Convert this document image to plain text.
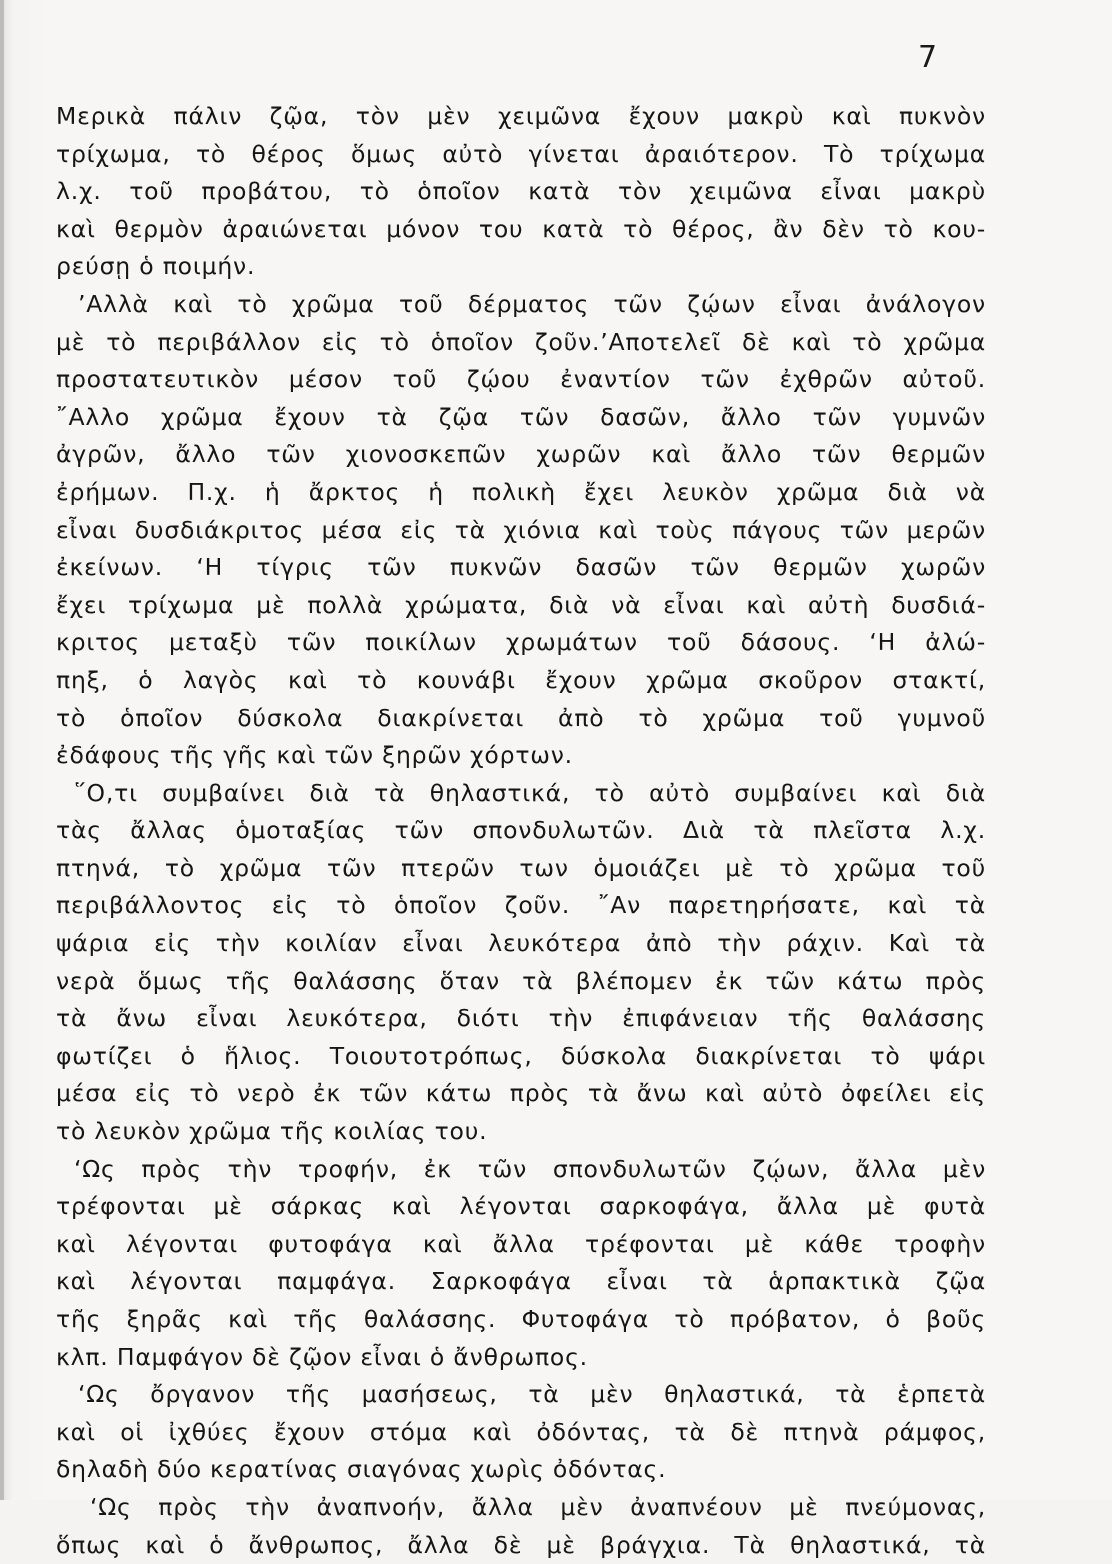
7
Μερικὰ πάλιν ζῷα, τὸν μὲν χειμῶνα ἔχουν μακρὺ καὶ πυκνὸν
τρίχωμα, τὸ θέρος ὅμως αὐτὸ γίνεται ἀραιότερον. Τὸ τρίχωμα
λ.χ. τοῦ προβάτου, τὸ ὁποῖον κατὰ τὸν χειμῶνα εἶναι μακρὺ
καὶ θερμὸν ἀραιώνεται μόνον του κατὰ τὸ θέρος, ἂν δὲν τὸ κου-
ρεύσῃ ὁ ποιμήν.
’Αλλὰ καὶ τὸ χρῶμα τοῦ δέρματος τῶν ζῴων εἶναι ἀνάλογον
μὲ τὸ περιβάλλον εἰς τὸ ὁποῖον ζοῦν.’Αποτελεῖ δὲ καὶ τὸ χρῶμα
προστατευτικὸν μέσον τοῦ ζῴου ἐναντίον τῶν ἐχθρῶν αὐτοῦ.
῎Αλλο χρῶμα ἔχουν τὰ ζῷα τῶν δασῶν, ἄλλο τῶν γυμνῶν
ἀγρῶν, ἄλλο τῶν χιονοσκεπῶν χωρῶν καὶ ἄλλο τῶν θερμῶν
ἐρήμων. Π.χ. ἡ ἄρκτος ἡ πολικὴ ἔχει λευκὸν χρῶμα διὰ νὰ
εἶναι δυσδιάκριτος μέσα εἰς τὰ χιόνια καὶ τοὺς πάγους τῶν μερῶν
ἐκείνων. ‘Η τίγρις τῶν πυκνῶν δασῶν τῶν θερμῶν χωρῶν
ἔχει τρίχωμα μὲ πολλὰ χρώματα, διὰ νὰ εἶναι καὶ αὐτὴ δυσδιά-
κριτος μεταξὺ τῶν ποικίλων χρωμάτων τοῦ δάσους. ‘Η ἀλώ-
πηξ, ὁ λαγὸς καὶ τὸ κουνάβι ἔχουν χρῶμα σκοῦρον στακτί,
τὸ ὁποῖον δύσκολα διακρίνεται ἀπὸ τὸ χρῶμα τοῦ γυμνοῦ
ἐδάφους τῆς γῆς καὶ τῶν ξηρῶν χόρτων.
῞Ο,τι συμβαίνει διὰ τὰ θηλαστικά, τὸ αὐτὸ συμβαίνει καὶ διὰ
τὰς ἄλλας ὁμοταξίας τῶν σπονδυλωτῶν. Διὰ τὰ πλεῖστα λ.χ.
πτηνά, τὸ χρῶμα τῶν πτερῶν των ὁμοιάζει μὲ τὸ χρῶμα τοῦ
περιβάλλοντος εἰς τὸ ὁποῖον ζοῦν. ῎Αν παρετηρήσατε, καὶ τὰ
ψάρια εἰς τὴν κοιλίαν εἶναι λευκότερα ἀπὸ τὴν ράχιν. Καὶ τὰ
νερὰ ὅμως τῆς θαλάσσης ὅταν τὰ βλέπομεν ἐκ τῶν κάτω πρὸς
τὰ ἄνω εἶναι λευκότερα, διότι τὴν ἐπιφάνειαν τῆς θαλάσσης
φωτίζει ὁ ἥλιος. Τοιουτοτρόπως, δύσκολα διακρίνεται τὸ ψάρι
μέσα εἰς τὸ νερὸ ἐκ τῶν κάτω πρὸς τὰ ἄνω καὶ αὐτὸ ὀφείλει εἰς
τὸ λευκὸν χρῶμα τῆς κοιλίας του.
‘Ως πρὸς τὴν τροφήν, ἐκ τῶν σπονδυλωτῶν ζῴων, ἄλλα μὲν
τρέφονται μὲ σάρκας καὶ λέγονται σαρκοφάγα, ἄλλα μὲ φυτὰ
καὶ λέγονται φυτοφάγα καὶ ἄλλα τρέφονται μὲ κάθε τροφὴν
καὶ λέγονται παμφάγα. Σαρκοφάγα εἶναι τὰ ἁρπακτικὰ ζῷα
τῆς ξηρᾶς καὶ τῆς θαλάσσης. Φυτοφάγα τὸ πρόβατον, ὁ βοῦς
κλπ. Παμφάγον δὲ ζῷον εἶναι ὁ ἄνθρωπος.
‘Ως ὄργανον τῆς μασήσεως, τὰ μὲν θηλαστικά, τὰ ἑρπετὰ
καὶ οἱ ἰχθύες ἔχουν στόμα καὶ ὀδόντας, τὰ δὲ πτηνὰ ράμφος,
δηλαδὴ δύο κερατίνας σιαγόνας χωρὶς ὀδόντας.
‘Ως πρὸς τὴν ἀναπνοήν, ἄλλα μὲν ἀναπνέουν μὲ πνεύμονας,
ὅπως καὶ ὁ ἄνθρωπος, ἄλλα δὲ μὲ βράγχια. Τὰ θηλαστικά, τὰ
